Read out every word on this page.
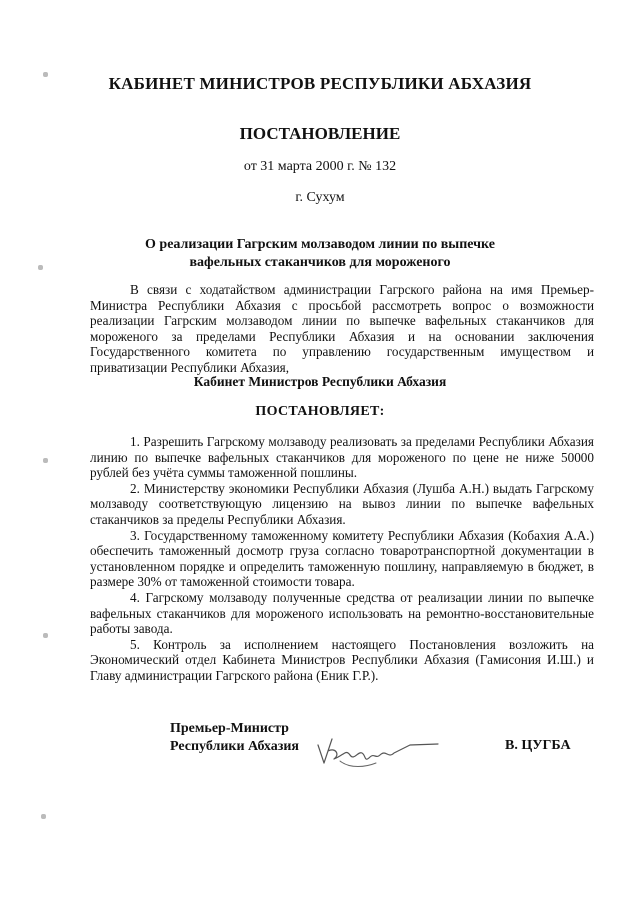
КАБИНЕТ МИНИСТРОВ РЕСПУБЛИКИ АБХАЗИЯ
ПОСТАНОВЛЕНИЕ
от 31 марта 2000 г. № 132
г. Сухум
О реализации Гагрским молзаводом линии по выпечке
вафельных стаканчиков для мороженого

В связи с ходатайством администрации Гагрского района на имя Премьер-Министра Республики Абхазия с просьбой рассмотреть вопрос о возможности реализации Гагрским молзаводом линии по выпечке вафельных стаканчиков для мороженого за пределами Республики Абхазия и на основании заключения Государственного комитета по управлению государственным имуществом и приватизации Республики Абхазия,

Кабинет Министров Республики Абхазия
ПОСТАНОВЛЯЕТ:

1. Разрешить Гагрскому молзаводу реализовать за пределами Республики Абхазия линию по выпечке вафельных стаканчиков для мороженого по цене не ниже 50000 рублей без учёта суммы таможенной пошлины.

2. Министерству экономики Республики Абхазия (Лушба А.Н.) выдать Гагрскому молзаводу соответствующую лицензию на вывоз линии по выпечке вафельных стаканчиков за пределы Республики Абхазия.

3. Государственному таможенному комитету Республики Абхазия (Кобахия А.А.) обеспечить таможенный досмотр груза согласно товаротранспортной документации в установленном порядке и определить таможенную пошлину, направляемую в бюджет, в размере 30% от таможенной стоимости товара.

4. Гагрскому молзаводу полученные средства от реализации линии по выпечке вафельных стаканчиков для мороженого использовать на ремонтно-восстановительные работы завода.

5. Контроль за исполнением настоящего Постановления возложить на Экономический отдел Кабинета Министров Республики Абхазия (Гамисония И.Ш.) и Главу администрации Гагрского района (Еник Г.Р.).

Премьер-Министр
Республики Абхазия	В. ЦУГБА
